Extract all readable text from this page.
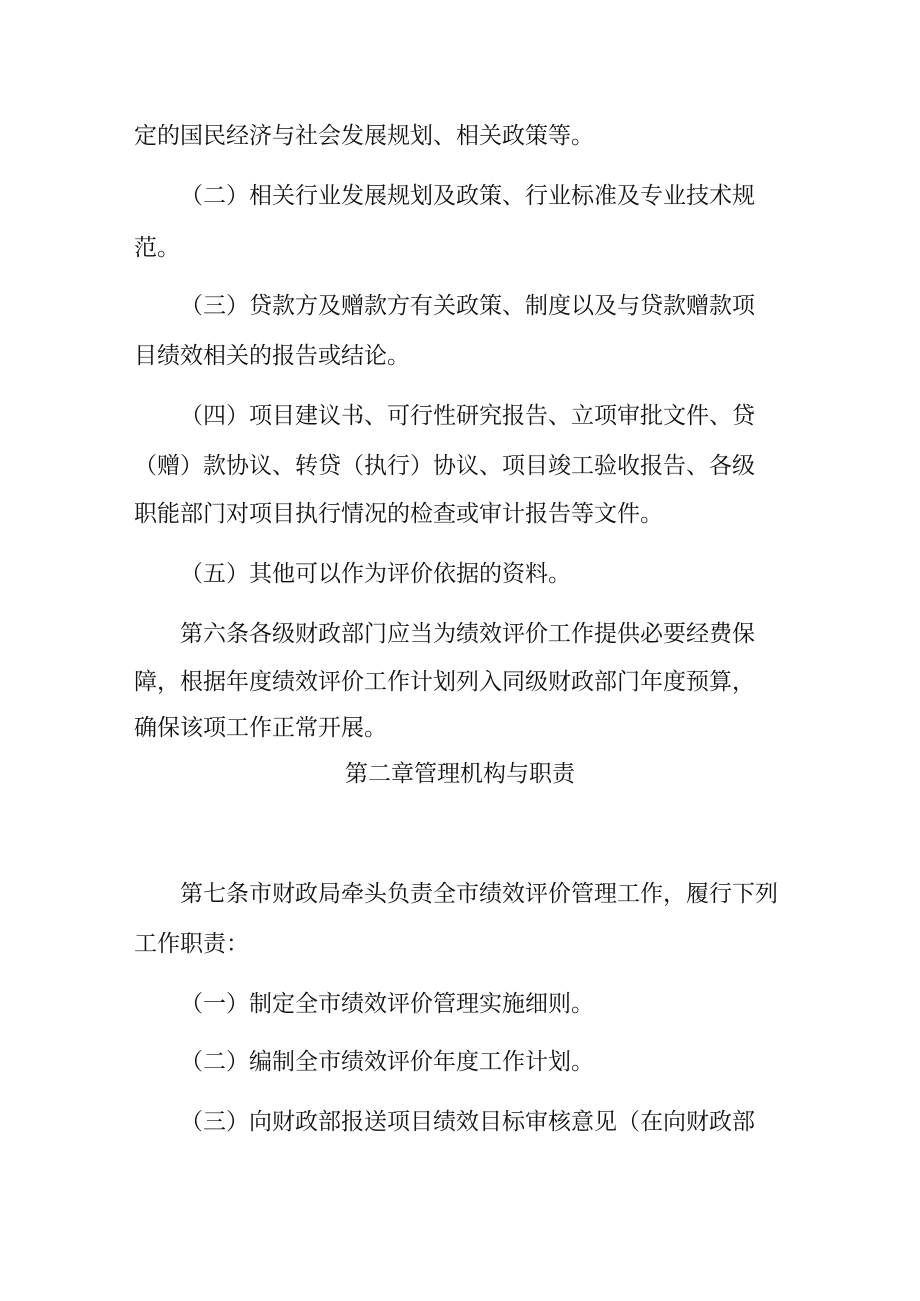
定的国民经济与社会发展规划、相关政策等。
（二）相关行业发展规划及政策、行业标准及专业技术规
范。
（三）贷款方及赠款方有关政策、制度以及与贷款赠款项
目绩效相关的报告或结论。
（四）项目建议书、可行性研究报告、立项审批文件、贷
（赠）款协议、转贷（执行）协议、项目竣工验收报告、各级
职能部门对项目执行情况的检查或审计报告等文件。
（五）其他可以作为评价依据的资料。
第六条各级财政部门应当为绩效评价工作提供必要经费保
障，根据年度绩效评价工作计划列入同级财政部门年度预算，
确保该项工作正常开展。
第二章管理机构与职责
第七条市财政局牵头负责全市绩效评价管理工作，履行下列
工作职责：
（一）制定全市绩效评价管理实施细则。
（二）编制全市绩效评价年度工作计划。
（三）向财政部报送项目绩效目标审核意见（在向财政部
